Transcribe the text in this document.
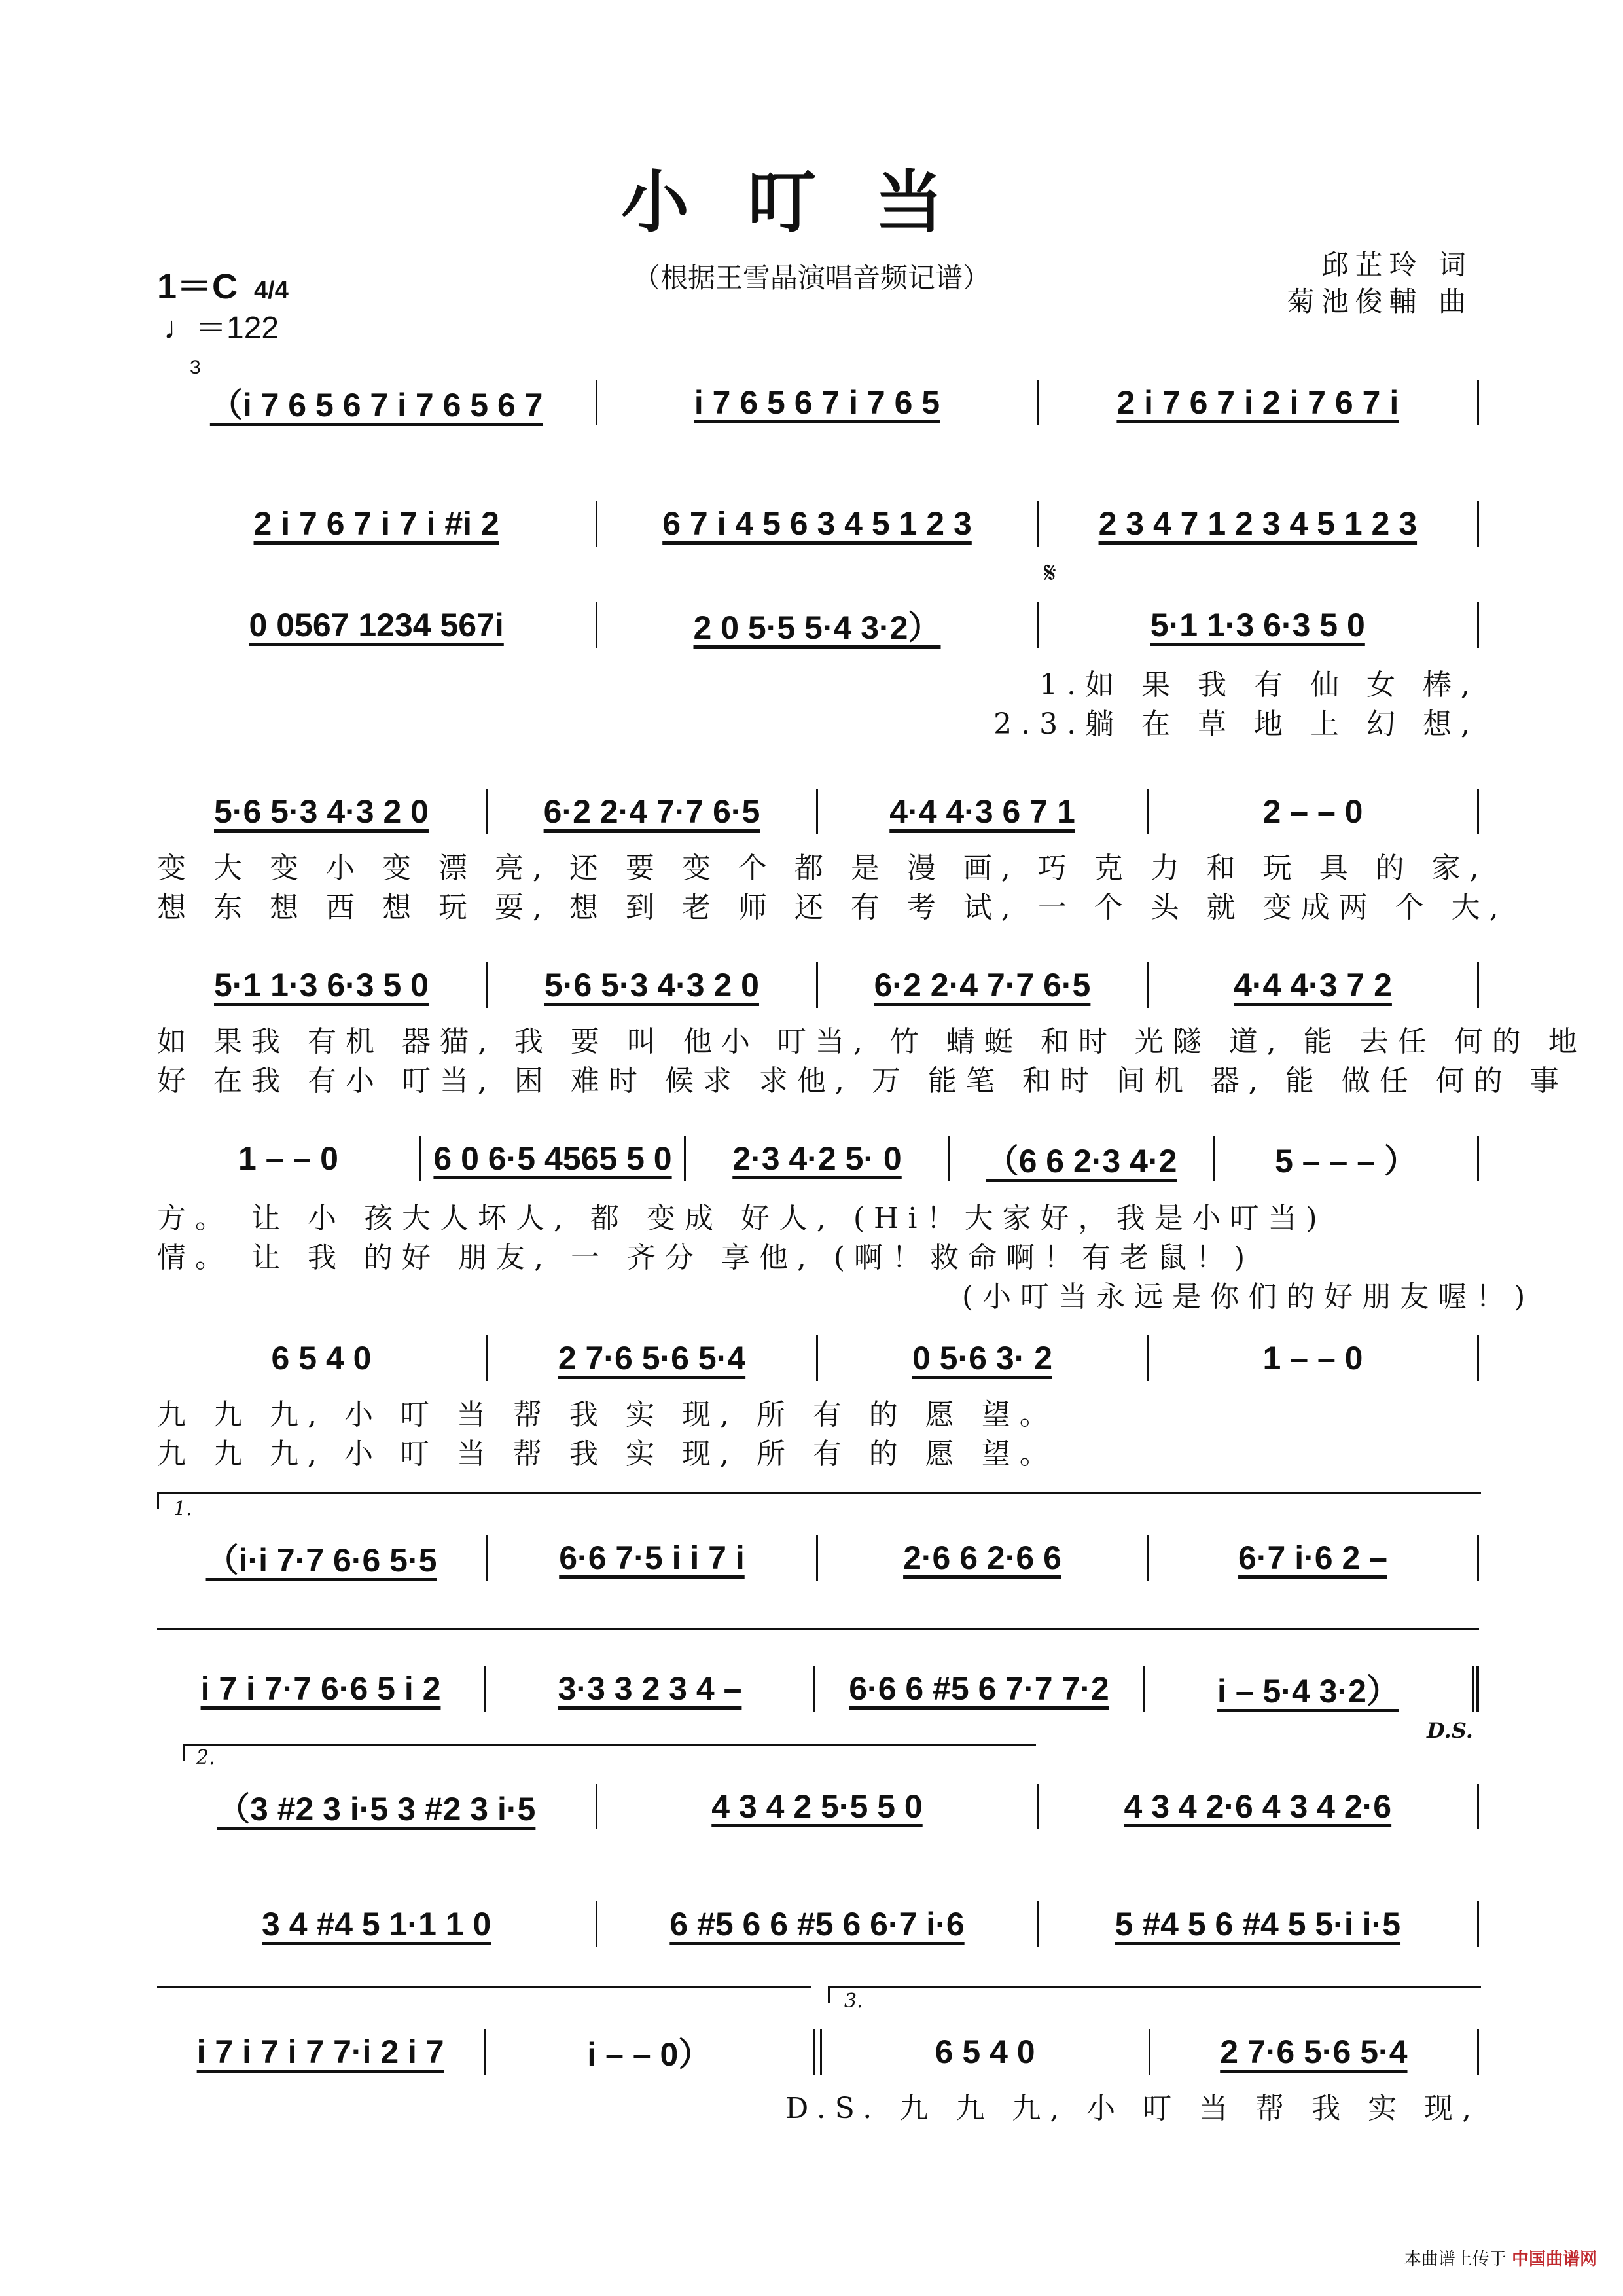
小叮当
1＝C 4/4
♩＝122
（根据王雪晶演唱音频记谱）	邱芷玲 词
菊池俊輔 曲
3
（i 7 6 5 6 7 i 7 6 5 6 7	i 7 6 5 6 7 i 7 6 5	2 i 7 6 7 i 2 i 7 6 7 i
2 i 7 6 7 i 7 i #i 2	6 7 i 4 5 6 3 4 5 1 2 3	2 3 4 7 1 2 3 4 5 1 2 3
𝄋
0 0567 1234 567i	2 0 5·5 5·4 3·2）	5·1 1·3 6·3 5 0
1.如 果 我 有 仙 女 棒,
2.3.躺 在 草 地 上 幻 想,
5·6 5·3 4·3 2 0	6·2 2·4 7·7 6·5	4·4 4·3 6 7 1	2 – – 0
变 大 变 小 变 漂 亮, 还 要 变 个 都 是 漫 画, 巧 克 力 和 玩 具 的 家,
想 东 想 西 想 玩 耍, 想 到 老 师 还 有 考 试, 一 个 头 就 变成两 个 大,
5·1 1·3 6·3 5 0	5·6 5·3 4·3 2 0	6·2 2·4 7·7 6·5	4·4 4·3 7 2
如 果我 有机 器猫, 我 要 叫 他小 叮当, 竹 蜻蜓 和时 光隧 道, 能 去任 何的 地
好 在我 有小 叮当, 困 难时 候求 求他, 万 能笔 和时 间机 器, 能 做任 何的 事
1 – – 0	6 0 6·5 4565 5 0 2·3 4·2 5· 0	（6 6 2·3 4·2	5 – – – ）
方。 让 小 孩大人坏人, 都 变成 好人, (Hi！大家好，我是小叮当)
情。 让 我 的好 朋友, 一 齐分 享他, (啊！救命啊！有老鼠！)
(小叮当永远是你们的好朋友喔！)
6 5 4 0	2 7·6 5·6 5·4	0 5·6 3· 2	1 – – 0
九 九 九, 小 叮 当 帮 我 实 现, 所 有 的 愿 望。
九 九 九, 小 叮 当 帮 我 实 现, 所 有 的 愿 望。
1.
（i·i 7·7 6·6 5·5	6·6 7·5 i i 7 i	2·6 6 2·6 6	6·7 i·6 2 –
i 7 i 7·7 6·6 5 i 2	3·3 3 2 3 4 –	6·6 6 #5 6 7·7 7·2	i – 5·4 3·2）
D.S.
2.
（3 #2 3 i·5 3 #2 3 i·5	4 3 4 2 5·5 5 0	4 3 4 2·6 4 3 4 2·6
3 4 #4 5 1·1 1 0	6 #5 6 6 #5 6 6·7 i·6	5 #4 5 6 #4 5 5·i i·5
3.
i 7 i 7 i 7 7·i 2 i 7	i – – 0）	6 5 4 0	2 7·6 5·6 5·4
D.S. 九 九 九, 小 叮 当 帮 我 实 现,
本曲谱上传于 中国曲谱网
